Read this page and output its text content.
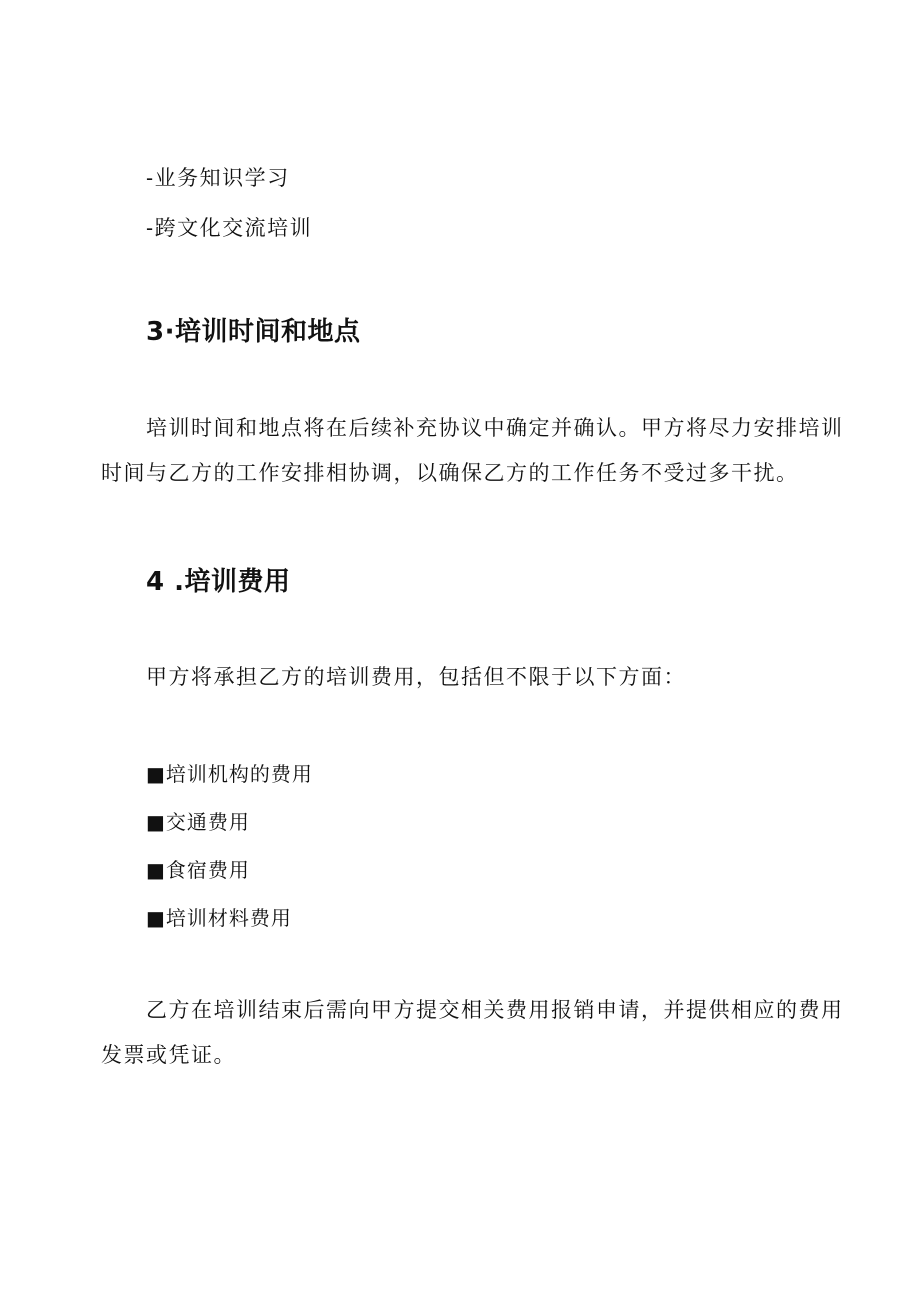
-业务知识学习
-跨文化交流培训
3·培训时间和地点
培训时间和地点将在后续补充协议中确定并确认。甲方将尽力安排培训
时间与乙方的工作安排相协调，以确保乙方的工作任务不受过多干扰。
4 .培训费用
甲方将承担乙方的培训费用，包括但不限于以下方面：
■培训机构的费用
■交通费用
■食宿费用
■培训材料费用
乙方在培训结束后需向甲方提交相关费用报销申请，并提供相应的费用
发票或凭证。
